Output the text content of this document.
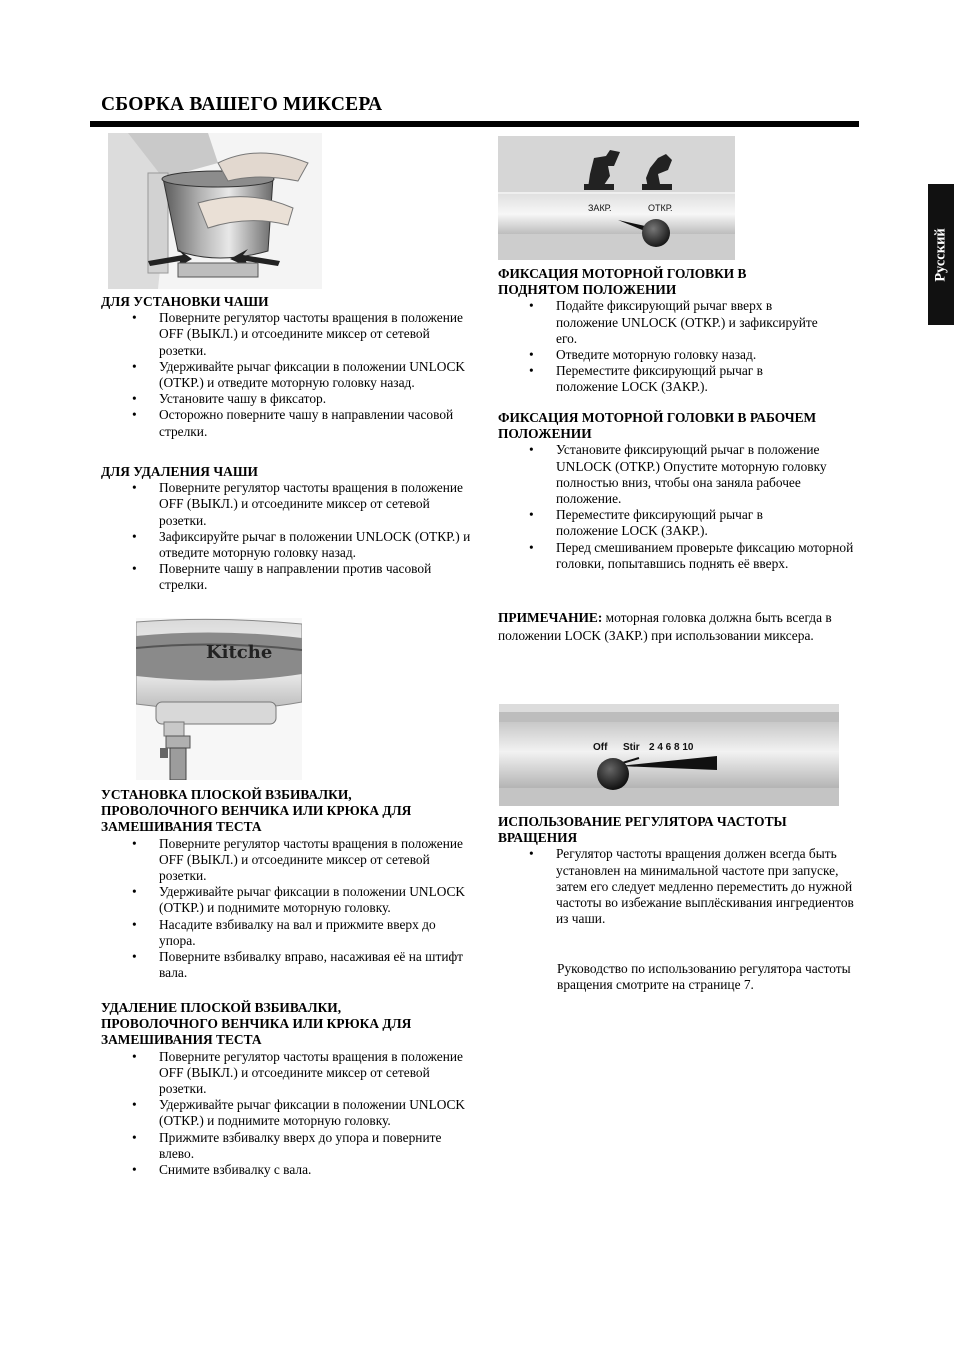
СБОРКА ВАШЕГО МИКСЕРА
Русский
ДЛЯ УСТАНОВКИ ЧАШИ
• Поверните регулятор частоты вращения в положение OFF (ВЫКЛ.) и отсоедините миксер от сетевой розетки.
• Удерживайте рычаг фиксации в положении UNLOCK (ОТКР.) и отведите моторную головку назад.
• Установите чашу в фиксатор.
• Осторожно поверните чашу в направлении часовой стрелки.
ДЛЯ УДАЛЕНИЯ ЧАШИ
• Поверните регулятор частоты вращения в положение OFF (ВЫКЛ.) и отсоедините миксер от сетевой розетки.
• Зафиксируйте рычаг в положении UNLOCK (ОТКР.) и отведите моторную головку назад.
• Поверните чашу в направлении против часовой стрелки.
Kitche
УСТАНОВКА ПЛОСКОЙ ВЗБИВАЛКИ, ПРОВОЛОЧНОГО ВЕНЧИКА ИЛИ КРЮКА ДЛЯ ЗАМЕШИВАНИЯ ТЕСТА
• Поверните регулятор частоты вращения в положение OFF (ВЫКЛ.) и отсоедините миксер от сетевой розетки.
• Удерживайте рычаг фиксации в положении UNLOCK (ОТКР.) и поднимите моторную головку.
• Насадите взбивалку на вал и прижмите вверх до упора.
• Поверните взбивалку вправо, насаживая её на штифт вала.
УДАЛЕНИЕ ПЛОСКОЙ ВЗБИВАЛКИ, ПРОВОЛОЧНОГО ВЕНЧИКА ИЛИ КРЮКА ДЛЯ ЗАМЕШИВАНИЯ ТЕСТА
• Поверните регулятор частоты вращения в положение OFF (ВЫКЛ.) и отсоедините миксер от сетевой розетки.
• Удерживайте рычаг фиксации в положении UNLOCK (ОТКР.) и поднимите моторную головку.
• Прижмите взбивалку вверх до упора и поверните влево.
• Снимите взбивалку с вала.
ЗАКР.	ОТКР.
ФИКСАЦИЯ МОТОРНОЙ ГОЛОВКИ В ПОДНЯТОМ ПОЛОЖЕНИИ
• Подайте фиксирующий рычаг вверх в положение UNLOCK (ОТКР.) и зафиксируйте его.
• Отведите моторную головку назад.
• Переместите фиксирующий рычаг в положение LOCK (ЗАКР.).
ФИКСАЦИЯ МОТОРНОЙ ГОЛОВКИ В РАБОЧЕМ ПОЛОЖЕНИИ
• Установите фиксирующий рычаг в положение UNLOCK (ОТКР.) Опустите моторную головку полностью вниз, чтобы она заняла рабочее положение.
• Переместите фиксирующий рычаг в положение LOCK (ЗАКР.).
• Перед смешиванием проверьте фиксацию моторной головки, попытавшись поднять её вверх.
ПРИМЕЧАНИЕ: моторная головка должна быть всегда в положении LOCK (ЗАКР.) при использовании миксера.
Off Stir 2 4 6 8 10
ИСПОЛЬЗОВАНИЕ РЕГУЛЯТОРА ЧАСТОТЫ ВРАЩЕНИЯ
• Регулятор частоты вращения должен всегда быть установлен на минимальной частоте при запуске, затем его следует медленно переместить до нужной частоты во избежание выплёскивания ингредиентов из чаши.
Руководство по использованию регулятора частоты вращения смотрите на странице 7.
